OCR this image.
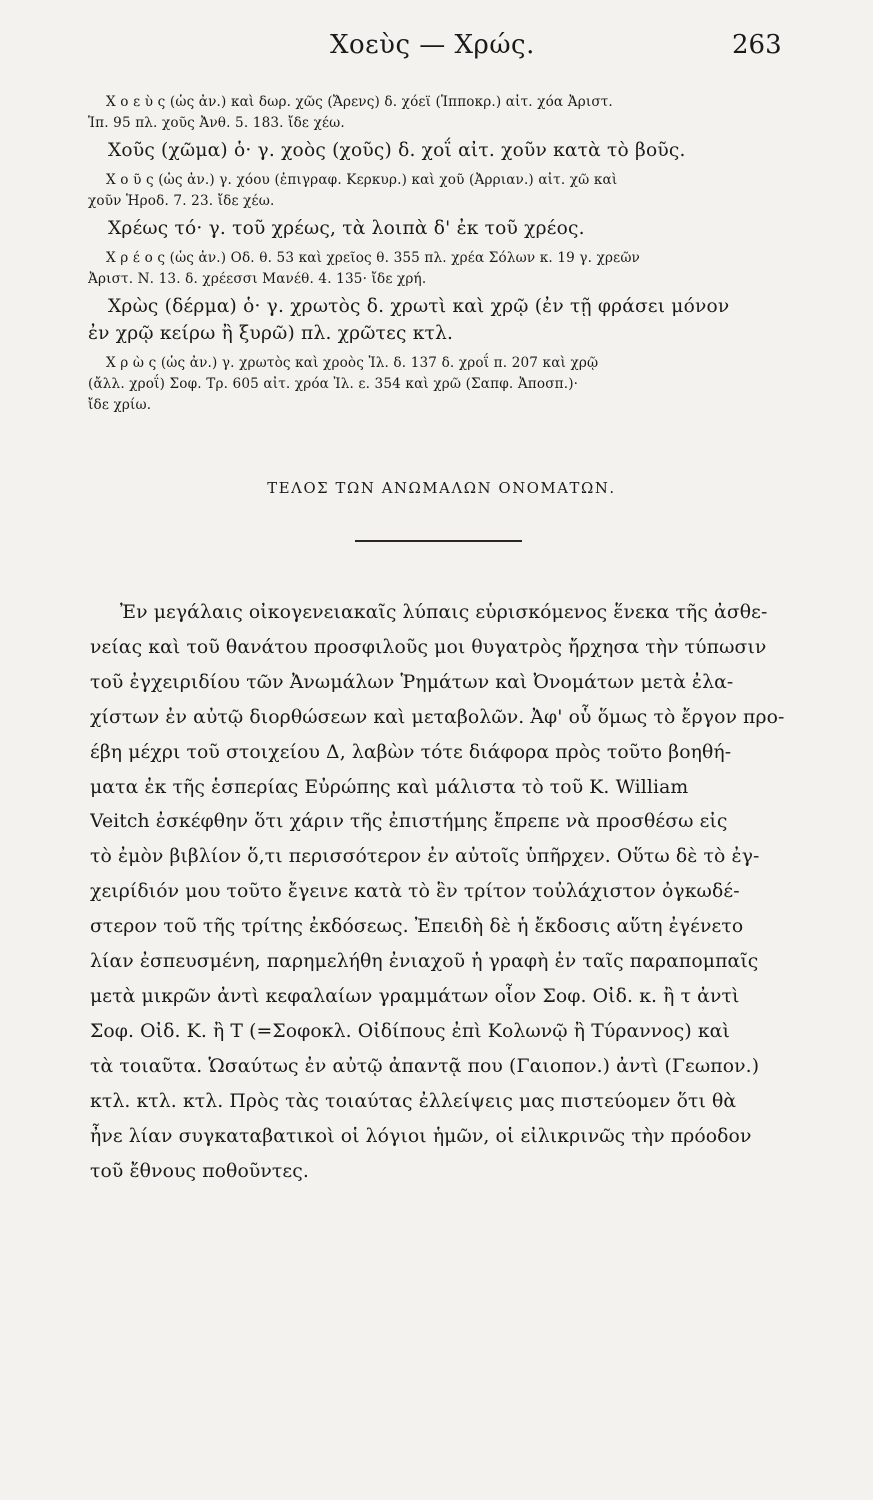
Χοεὺς — Χρώς.	263
Χ ο ε ὺ ς (ὡς ἀν.) καὶ δωρ. χῶς (Ἄρενς) δ. χόεϊ (Ἱπποκρ.) αἰτ. χόα Ἀριστ.
Ἱπ. 95 πλ. χοῦς Ἀνθ. 5. 183. ἴδε χέω.
Χοῦς (χῶμα) ὁ· γ. χοὸς (χοῦς) δ. χοΐ αἰτ. χοῦν κατὰ τὸ βοῦς.
Χ ο ῦ ς (ὡς ἀν.) γ. χόου (ἐπιγραφ. Κερκυρ.) καὶ χοῦ (Ἀρριαν.) αἰτ. χῶ καὶ
χοῦν Ἡροδ. 7. 23. ἴδε χέω.
Χρέως τό· γ. τοῦ χρέως, τὰ λοιπὰ δ' ἐκ τοῦ χρέος.
Χ ρ έ ο ς (ὡς ἀν.) Οδ. θ. 53 καὶ χρεῖος θ. 355 πλ. χρέα Σόλων κ. 19 γ. χρεῶν
Ἀριστ. Ν. 13. δ. χρέεσσι Μανέθ. 4. 135· ἴδε χρή.
Χρὼς (δέρμα) ὁ· γ. χρωτὸς δ. χρωτὶ καὶ χρῷ (ἐν τῇ φράσει μόνον
ἐν χρῷ κείρω ἢ ξυρῶ) πλ. χρῶτες κτλ.
Χ ρ ὼ ς (ὡς ἀν.) γ. χρωτὸς καὶ χροὸς Ἰλ. δ. 137 δ. χροΐ π. 207 καὶ χρῷ
(ἄλλ. χροΐ) Σοφ. Τρ. 605 αἰτ. χρόα Ἰλ. ε. 354 καὶ χρῶ (Σαπφ. Ἀποσπ.)·
ἴδε χρίω.
ΤΕΛΟΣ ΤΩΝ ΑΝΩΜΑΛΩΝ ΟΝΟΜΑΤΩΝ.
Ἐν μεγάλαις οἰκογενειακαῖς λύπαις εὑρισκόμενος ἕνεκα τῆς ἀσθε-
νείας καὶ τοῦ θανάτου προσφιλοῦς μοι θυγατρὸς ἤρχησα τὴν τύπωσιν
τοῦ ἐγχειριδίου τῶν Ἀνωμάλων Ῥημάτων καὶ Ὀνομάτων μετὰ ἐλα-
χίστων ἐν αὐτῷ διορθώσεων καὶ μεταβολῶν. Ἀφ' οὗ ὅμως τὸ ἔργον προ-
έβη μέχρι τοῦ στοιχείου Δ, λαβὼν τότε διάφορα πρὸς τοῦτο βοηθή-
ματα ἐκ τῆς ἑσπερίας Εὐρώπης καὶ μάλιστα τὸ τοῦ Κ. William
Veitch ἐσκέφθην ὅτι χάριν τῆς ἐπιστήμης ἔπρεπε νὰ προσθέσω εἰς
τὸ ἐμὸν βιβλίον ὅ,τι περισσότερον ἐν αὐτοῖς ὑπῆρχεν. Οὕτω δὲ τὸ ἐγ-
χειρίδιόν μου τοῦτο ἔγεινε κατὰ τὸ ἓν τρίτον τοὐλάχιστον ὀγκωδέ-
στερον τοῦ τῆς τρίτης ἐκδόσεως. Ἐπειδὴ δὲ ἡ ἔκδοσις αὕτη ἐγένετο
λίαν ἐσπευσμένη, παρημελήθη ἐνιαχοῦ ἡ γραφὴ ἐν ταῖς παραπομπαῖς
μετὰ μικρῶν ἀντὶ κεφαλαίων γραμμάτων οἷον Σοφ. Οἰδ. κ. ἢ τ ἀντὶ
Σοφ. Οἰδ. Κ. ἢ Τ (=Σοφοκλ. Οἰδίπους ἐπὶ Κολωνῷ ἢ Τύραννος) καὶ
τὰ τοιαῦτα. Ὡσαύτως ἐν αὐτῷ ἀπαντᾷ που (Γαιοπον.) ἀντὶ (Γεωπον.)
κτλ. κτλ. κτλ. Πρὸς τὰς τοιαύτας ἐλλείψεις μας πιστεύομεν ὅτι θὰ
ἦνε λίαν συγκαταβατικοὶ οἱ λόγιοι ἡμῶν, οἱ εἰλικρινῶς τὴν πρόοδον
τοῦ ἔθνους ποθοῦντες.
